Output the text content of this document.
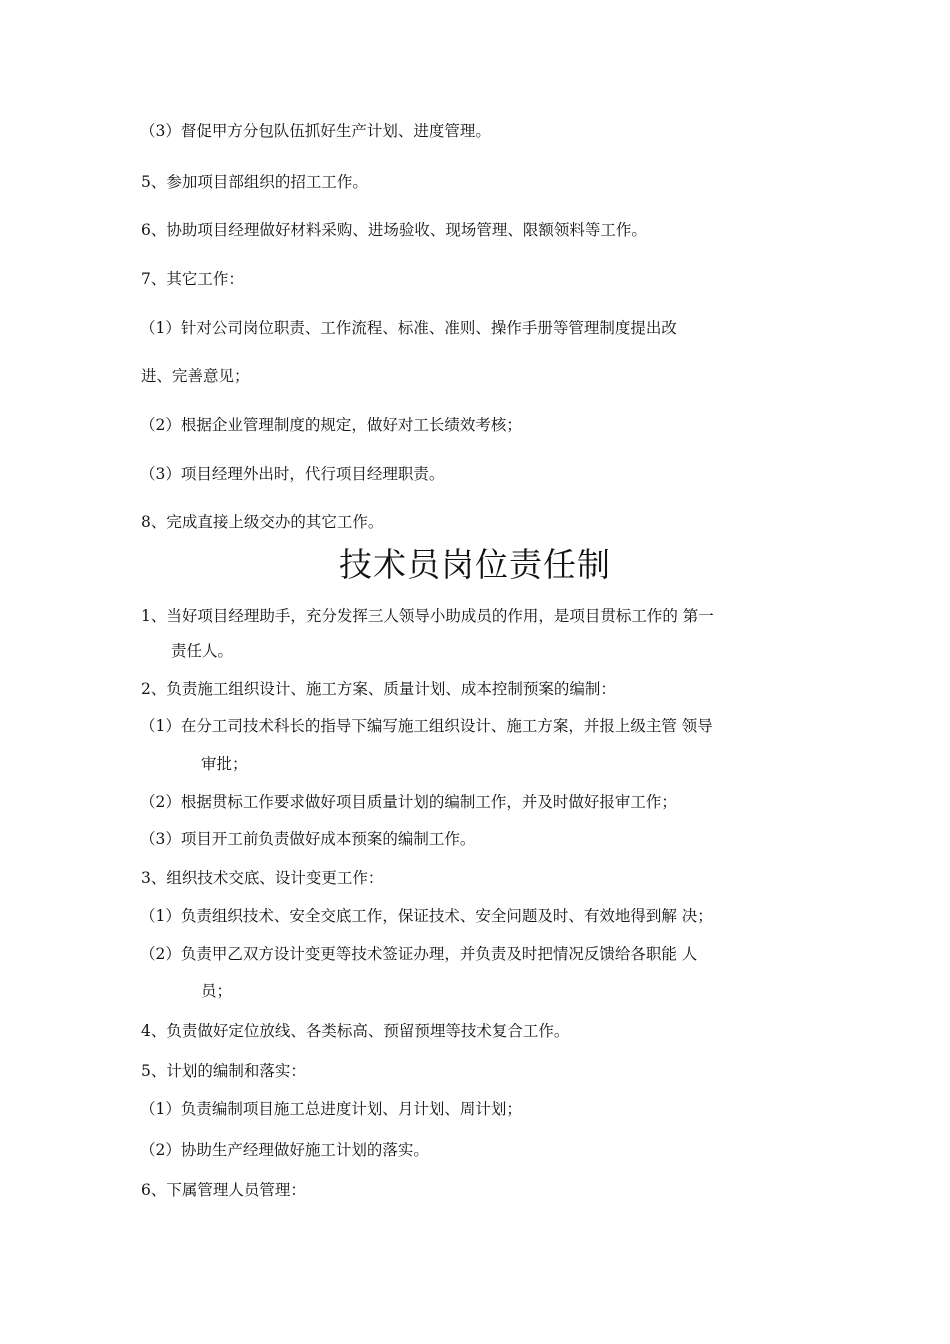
（3）督促甲方分包队伍抓好生产计划、进度管理。
5、参加项目部组织的招工工作。
6、协助项目经理做好材料采购、进场验收、现场管理、限额领料等工作。
7、其它工作：
（1）针对公司岗位职责、工作流程、标准、准则、操作手册等管理制度提出改
进、完善意见；
（2）根据企业管理制度的规定，做好对工长绩效考核；
（3）项目经理外出时，代行项目经理职责。
8、完成直接上级交办的其它工作。
技术员岗位责任制
1、当好项目经理助手，充分发挥三人领导小助成员的作用，是项目贯标工作的 第一
责任人。
2、负责施工组织设计、施工方案、质量计划、成本控制预案的编制：
（1）在分工司技术科长的指导下编写施工组织设计、施工方案，并报上级主管 领导
审批；
（2）根据贯标工作要求做好项目质量计划的编制工作，并及时做好报审工作；
（3）项目开工前负责做好成本预案的编制工作。
3、组织技术交底、设计变更工作：
（1）负责组织技术、安全交底工作，保证技术、安全问题及时、有效地得到解 决；
（2）负责甲乙双方设计变更等技术签证办理，并负责及时把情况反馈给各职能 人
员；
4、负责做好定位放线、各类标高、预留预埋等技术复合工作。
5、计划的编制和落实：
（1）负责编制项目施工总进度计划、月计划、周计划；
（2）协助生产经理做好施工计划的落实。
6、下属管理人员管理：
